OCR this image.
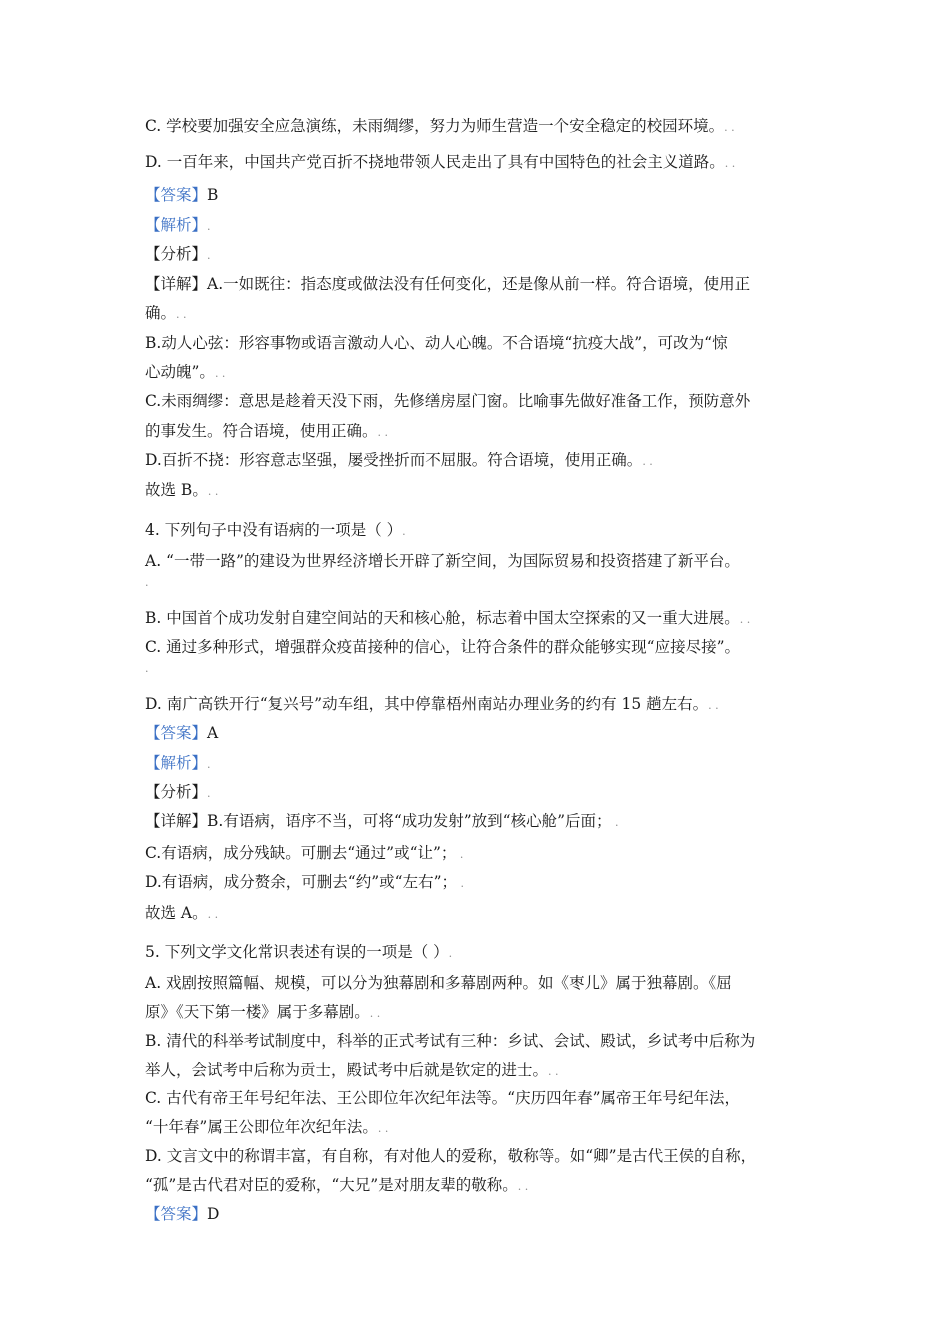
C. 学校要加强安全应急演练，未雨绸缪，努力为师生营造一个安全稳定的校园环境。. .
D. 一百年来，中国共产党百折不挠地带领人民走出了具有中国特色的社会主义道路。. .
【答案】B
【解析】.
【分析】.
【详解】A.一如既往：指态度或做法没有任何变化，还是像从前一样。符合语境，使用正
确。. .
B.动人心弦：形容事物或语言激动人心、动人心魄。不合语境“抗疫大战”，可改为“惊
心动魄”。. .
C.未雨绸缪：意思是趁着天没下雨，先修缮房屋门窗。比喻事先做好准备工作，预防意外
的事发生。符合语境，使用正确。. .
D.百折不挠：形容意志坚强，屡受挫折而不屈服。符合语境，使用正确。. .
故选 B。. .
4. 下列句子中没有语病的一项是（ ）.
A. “一带一路”的建设为世界经济增长开辟了新空间，为国际贸易和投资搭建了新平台。
.
B. 中国首个成功发射自建空间站的天和核心舱，标志着中国太空探索的又一重大进展。. .
C. 通过多种形式，增强群众疫苗接种的信心，让符合条件的群众能够实现“应接尽接”。
.
D. 南广高铁开行“复兴号”动车组，其中停靠梧州南站办理业务的约有 15 趟左右。. .
【答案】A
【解析】.
【分析】.
【详解】B.有语病，语序不当，可将“成功发射”放到“核心舱”后面； .
C.有语病，成分残缺。可删去“通过”或“让”； .
D.有语病，成分赘余，可删去“约”或“左右”； .
故选 A。. .
5. 下列文学文化常识表述有误的一项是（ ）.
A. 戏剧按照篇幅、规模，可以分为独幕剧和多幕剧两种。如《枣儿》属于独幕剧。《屈
原》《天下第一楼》属于多幕剧。. .
B. 清代的科举考试制度中，科举的正式考试有三种：乡试、会试、殿试，乡试考中后称为
举人，会试考中后称为贡士，殿试考中后就是钦定的进士。. .
C. 古代有帝王年号纪年法、王公即位年次纪年法等。“庆历四年春”属帝王年号纪年法，
“十年春”属王公即位年次纪年法。. .
D. 文言文中的称谓丰富，有自称，有对他人的爱称，敬称等。如“卿”是古代王侯的自称，
“孤”是古代君对臣的爱称，“大兄”是对朋友辈的敬称。. .
【答案】D
